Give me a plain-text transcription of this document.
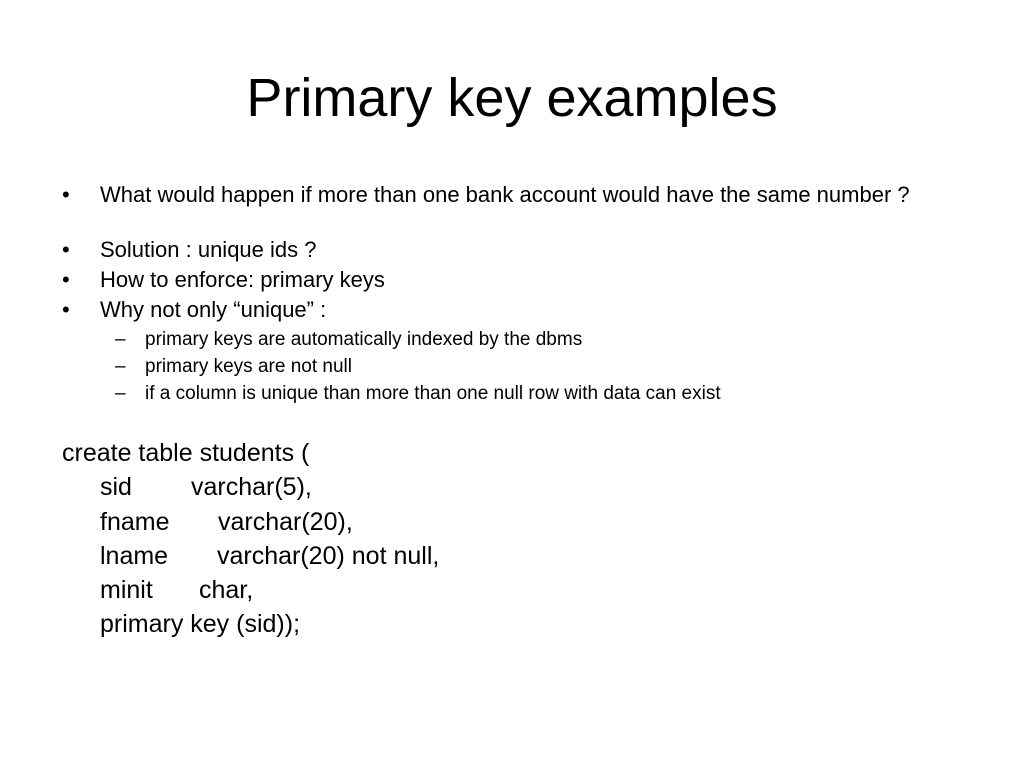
Primary key examples
• What would happen if more than one bank account would have the same number ?
• Solution : unique ids ?
• How to enforce: primary keys
• Why not only “unique” :
– primary keys are automatically indexed by the dbms
– primary keys are not null
– if a column is unique than more than one null row with data can exist
create table students (
sid varchar(5),
fname varchar(20),
lname varchar(20) not null,
minit char,
primary key (sid));
